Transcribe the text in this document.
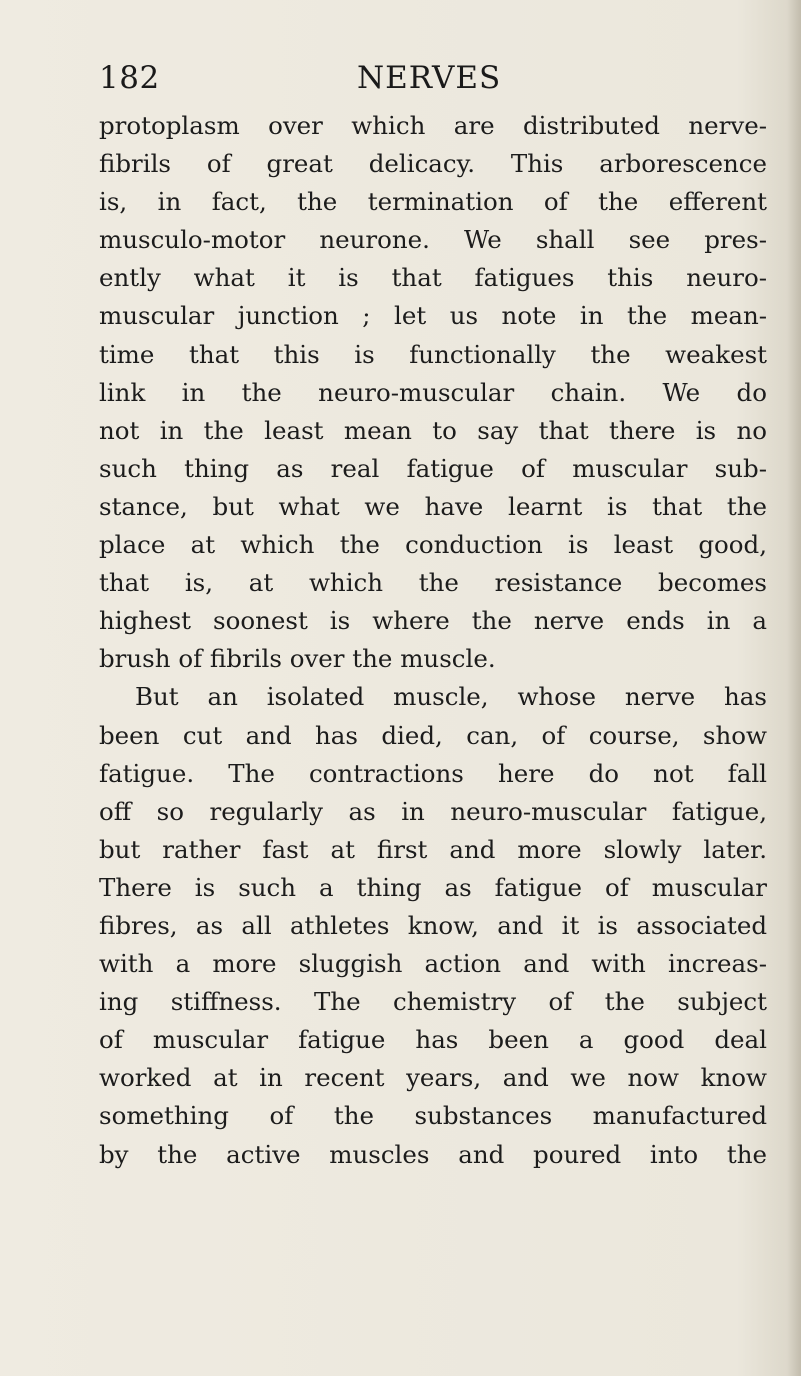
182	NERVES
protoplasm over which are distributed nerve-
fibrils of great delicacy. This arborescence
is, in fact, the termination of the efferent
musculo-motor neurone. We shall see pres-
ently what it is that fatigues this neuro-
muscular junction ; let us note in the mean-
time that this is functionally the weakest
link in the neuro-muscular chain. We do
not in the least mean to say that there is no
such thing as real fatigue of muscular sub-
stance, but what we have learnt is that the
place at which the conduction is least good,
that is, at which the resistance becomes
highest soonest is where the nerve ends in a
brush of fibrils over the muscle.
But an isolated muscle, whose nerve has
been cut and has died, can, of course, show
fatigue. The contractions here do not fall
off so regularly as in neuro-muscular fatigue,
but rather fast at first and more slowly later.
There is such a thing as fatigue of muscular
fibres, as all athletes know, and it is associated
with a more sluggish action and with increas-
ing stiffness. The chemistry of the subject
of muscular fatigue has been a good deal
worked at in recent years, and we now know
something of the substances manufactured
by the active muscles and poured into the
